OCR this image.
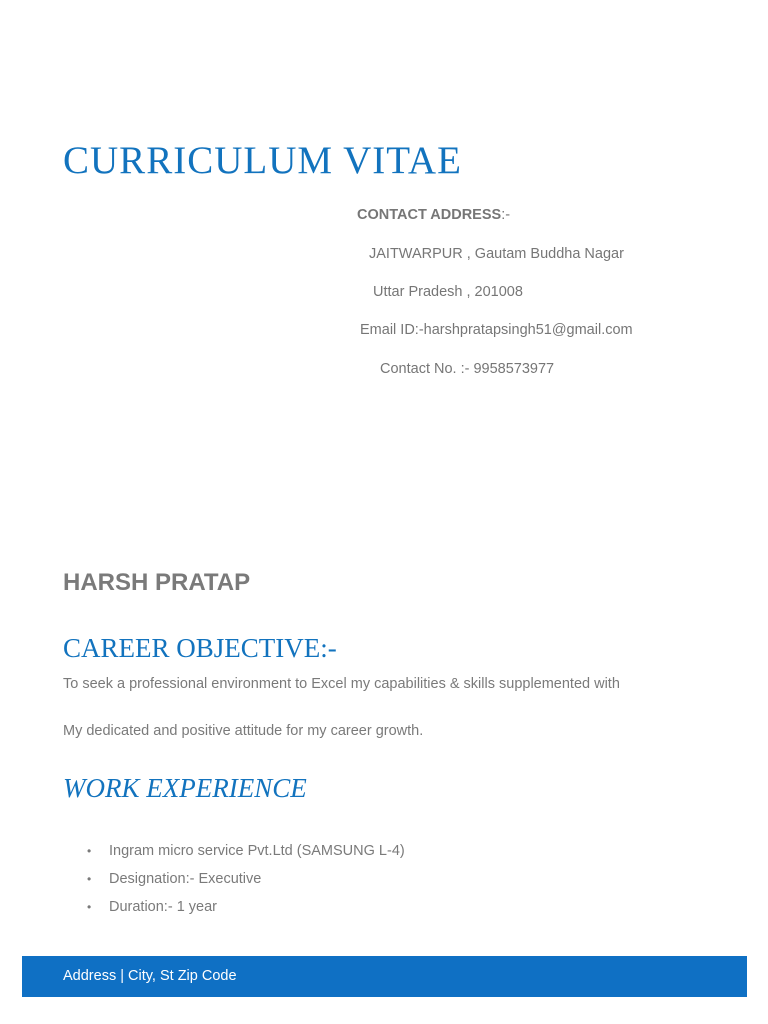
CURRICULUM VITAE
CONTACT ADDRESS:-
JAITWARPUR , Gautam Buddha Nagar
Uttar Pradesh , 201008
Email ID:-harshpratapsingh51@gmail.com
Contact No. :- 9958573977
HARSH PRATAP
CAREER OBJECTIVE:-
To seek a professional environment to Excel my capabilities & skills supplemented with
My dedicated and positive attitude for my career growth.
WORK EXPERIENCE
• Ingram micro service Pvt.Ltd (SAMSUNG L-4)
• Designation:- Executive
• Duration:- 1 year
Address | City, St Zip Code
